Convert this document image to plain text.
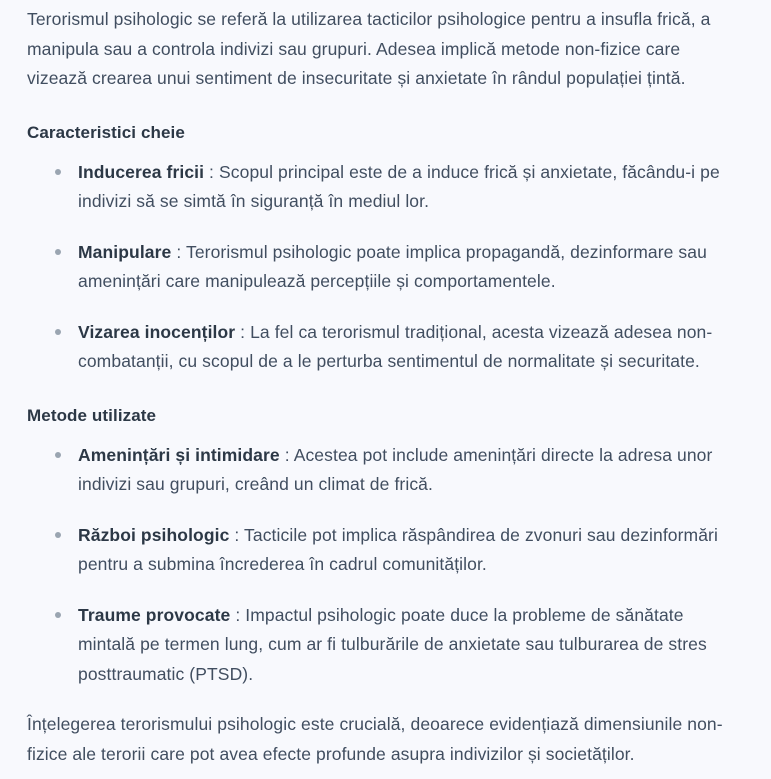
Terorismul psihologic se referă la utilizarea tacticilor psihologice pentru a insufla frică, a manipula sau a controla indivizi sau grupuri. Adesea implică metode non-fizice care vizează crearea unui sentiment de insecuritate și anxietate în rândul populației țintă.

Caracteristici cheie
Inducerea fricii : Scopul principal este de a induce frică și anxietate, făcându-i pe indivizi să se simtă în siguranță în mediul lor.
Manipulare : Terorismul psihologic poate implica propagandă, dezinformare sau amenințări care manipulează percepțiile și comportamentele.
Vizarea inocenților : La fel ca terorismul tradițional, acesta vizează adesea non-combatanții, cu scopul de a le perturba sentimentul de normalitate și securitate.
Metode utilizate
Amenințări și intimidare : Acestea pot include amenințări directe la adresa unor indivizi sau grupuri, creând un climat de frică.
Război psihologic : Tacticile pot implica răspândirea de zvonuri sau dezinformări pentru a submina încrederea în cadrul comunităților.
Traume provocate : Impactul psihologic poate duce la probleme de sănătate mintală pe termen lung, cum ar fi tulburările de anxietate sau tulburarea de stres posttraumatic (PTSD).

Înțelegerea terorismului psihologic este crucială, deoarece evidențiază dimensiunile non-fizice ale terorii care pot avea efecte profunde asupra indivizilor și societăților.
